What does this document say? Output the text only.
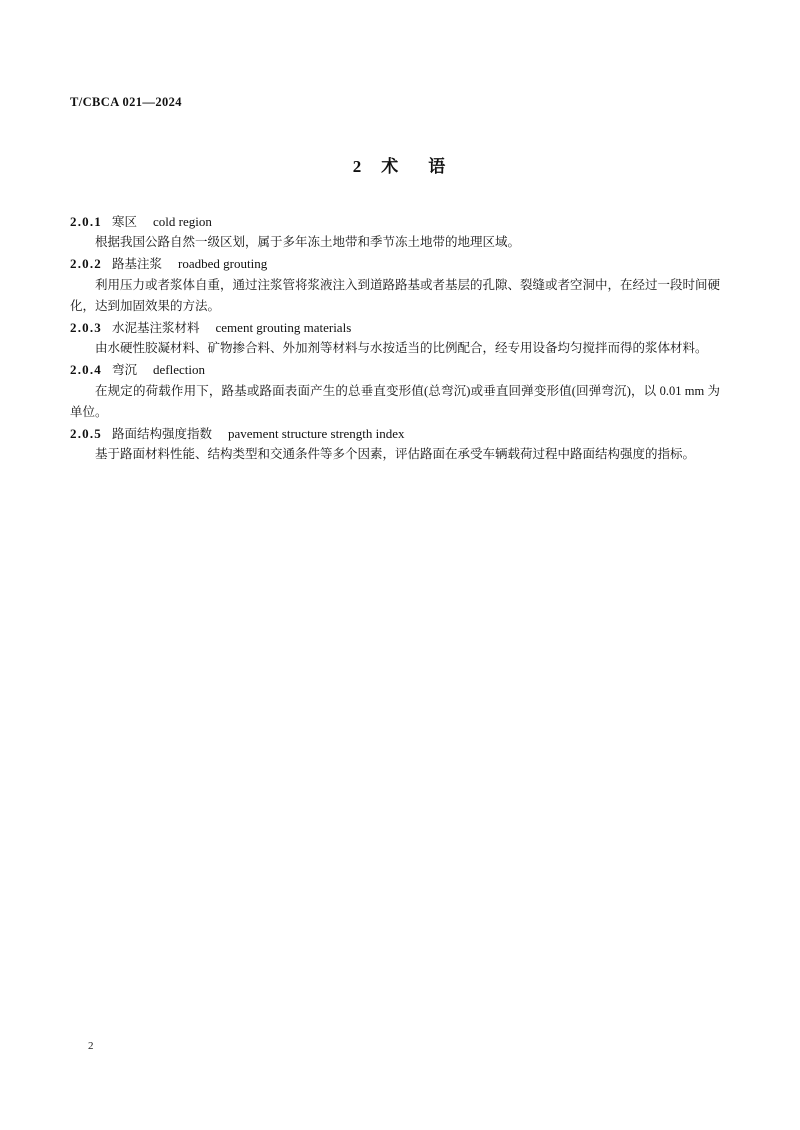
T/CBCA 021—2024
2 术 语
2.0.1 寒区 cold region
根据我国公路自然一级区划，属于多年冻土地带和季节冻土地带的地理区域。
2.0.2 路基注浆 roadbed grouting
利用压力或者浆体自重，通过注浆管将浆液注入到道路路基或者基层的孔隙、裂缝或者空洞中，在经过一段时间硬化，达到加固效果的方法。
2.0.3 水泥基注浆材料 cement grouting materials
由水硬性胶凝材料、矿物掺合料、外加剂等材料与水按适当的比例配合，经专用设备均匀搅拌而得的浆体材料。
2.0.4 弯沉 deflection
在规定的荷载作用下，路基或路面表面产生的总垂直变形值(总弯沉)或垂直回弹变形值(回弹弯沉)，以 0.01 mm 为单位。
2.0.5 路面结构强度指数 pavement structure strength index
基于路面材料性能、结构类型和交通条件等多个因素，评估路面在承受车辆载荷过程中路面结构强度的指标。
2
